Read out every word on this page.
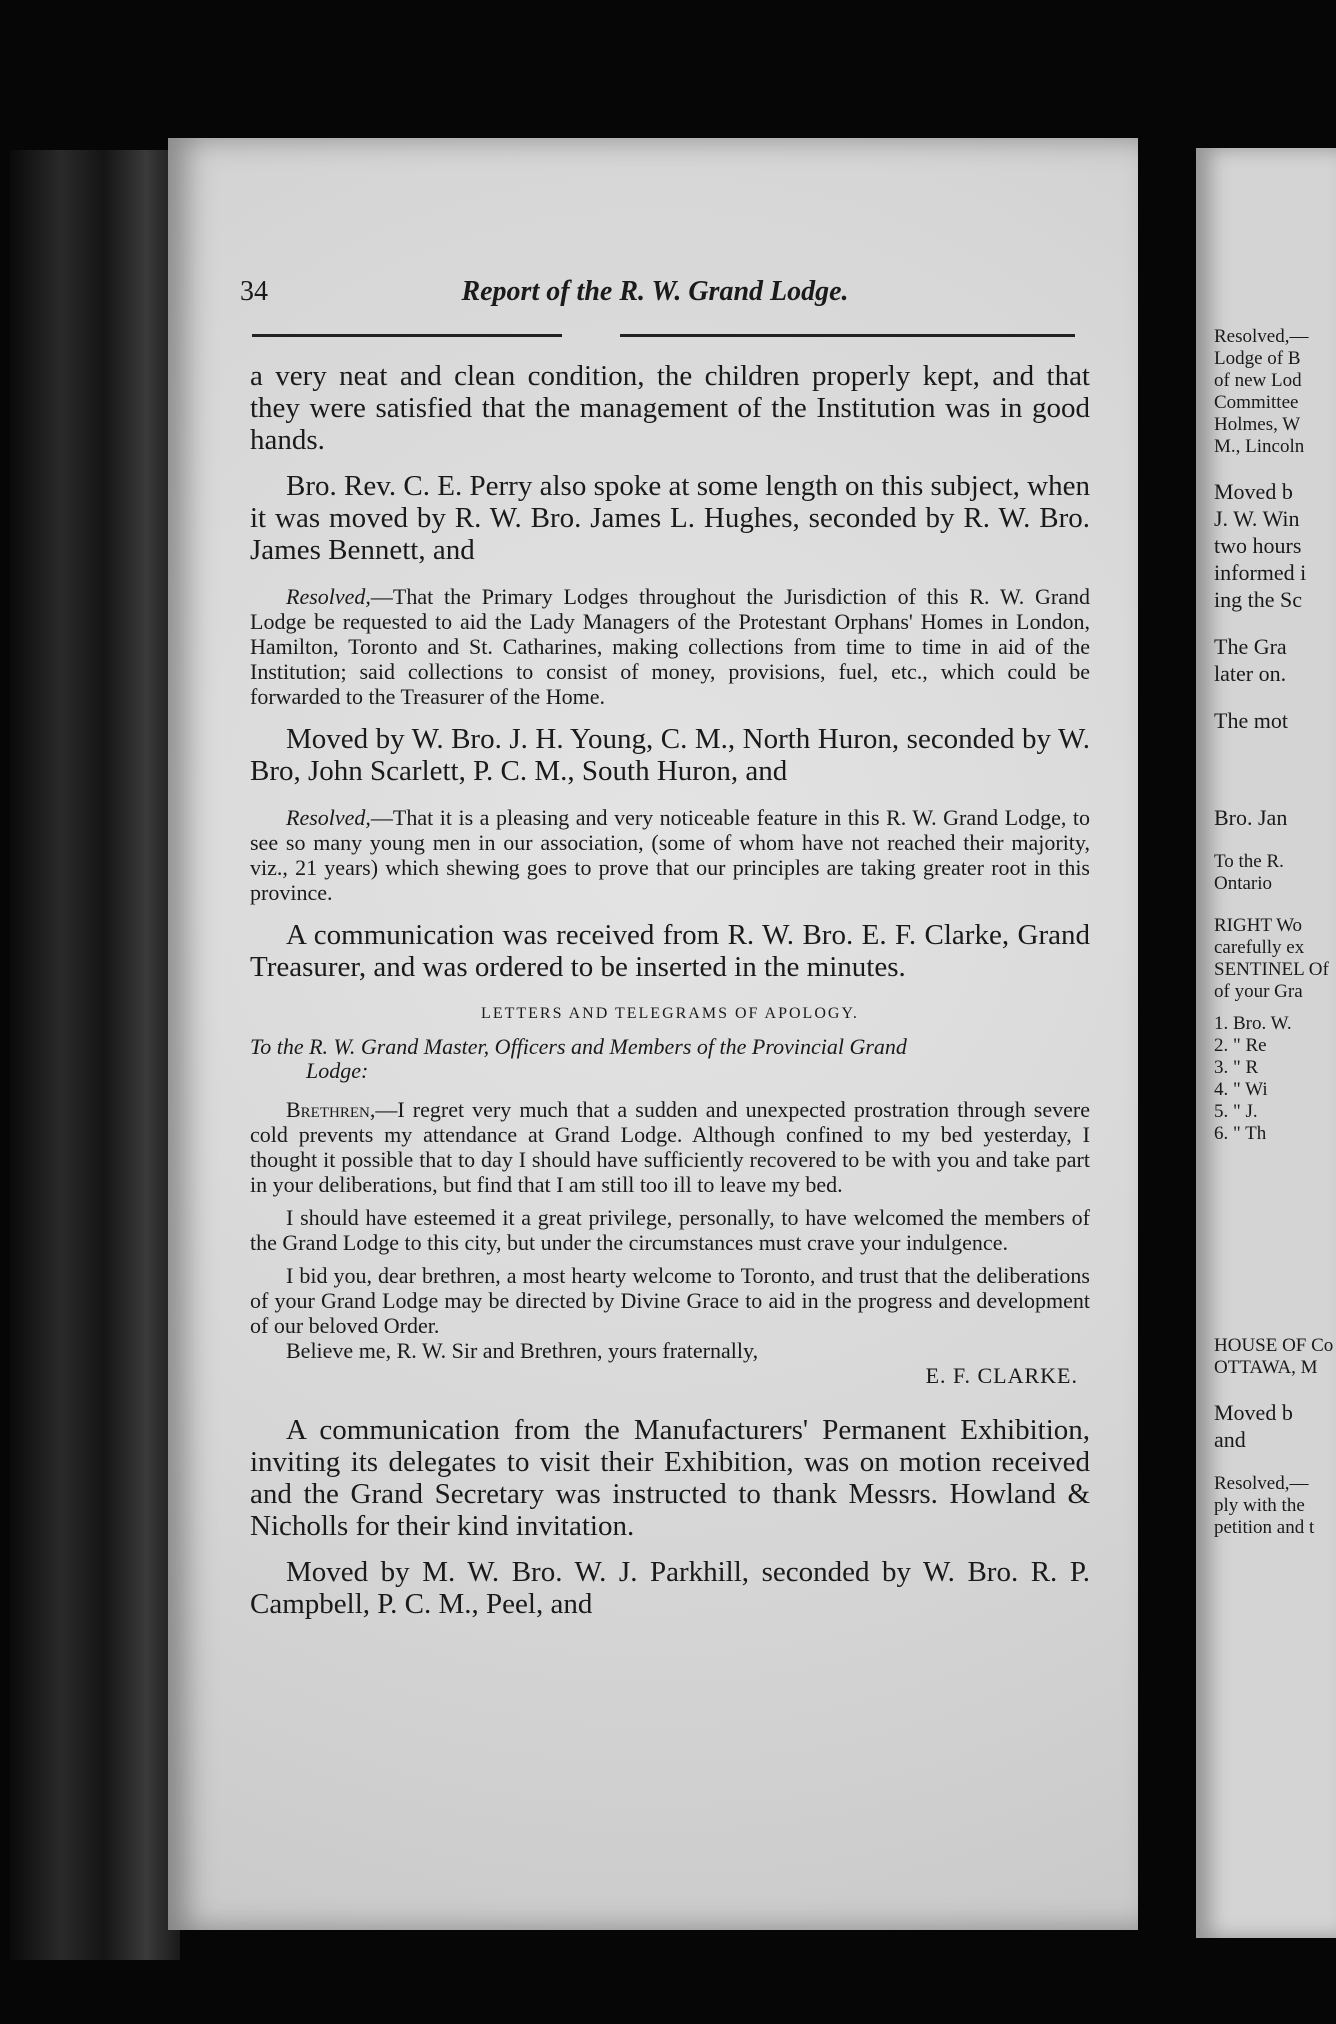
34	Report of the R. W. Grand Lodge.

a very neat and clean condition, the children properly kept, and that they were satisfied that the management of the Institution was in good hands.

Bro. Rev. C. E. Perry also spoke at some length on this subject, when it was moved by R. W. Bro. James L. Hughes, seconded by R. W. Bro. James Bennett, and

Resolved,—That the Primary Lodges throughout the Jurisdiction of this R. W. Grand Lodge be requested to aid the Lady Managers of the Protestant Orphans' Homes in London, Hamilton, Toronto and St. Catharines, making collections from time to time in aid of the Institution; said collections to consist of money, provisions, fuel, etc., which could be forwarded to the Treasurer of the Home.

Moved by W. Bro. J. H. Young, C. M., North Huron, seconded by W. Bro, John Scarlett, P. C. M., South Huron, and

Resolved,—That it is a pleasing and very noticeable feature in this R. W. Grand Lodge, to see so many young men in our association, (some of whom have not reached their majority, viz., 21 years) which shewing goes to prove that our principles are taking greater root in this province.

A communication was received from R. W. Bro. E. F. Clarke, Grand Treasurer, and was ordered to be inserted in the minutes.

LETTERS AND TELEGRAMS OF APOLOGY.

To the R. W. Grand Master, Officers and Members of the Provincial Grand
Lodge:

Brethren,—I regret very much that a sudden and unexpected prostration through severe cold prevents my attendance at Grand Lodge. Although confined to my bed yesterday, I thought it possible that to day I should have sufficiently recovered to be with you and take part in your deliberations, but find that I am still too ill to leave my bed.

I should have esteemed it a great privilege, personally, to have welcomed the members of the Grand Lodge to this city, but under the circumstances must crave your indulgence.

I bid you, dear brethren, a most hearty welcome to Toronto, and trust that the deliberations of your Grand Lodge may be directed by Divine Grace to aid in the progress and development of our beloved Order.

Believe me, R. W. Sir and Brethren, yours fraternally,

E. F. CLARKE.

A communication from the Manufacturers' Permanent Exhibition, inviting its delegates to visit their Exhibition, was on motion received and the Grand Secretary was instructed to thank Messrs. Howland & Nicholls for their kind invitation.

Moved by M. W. Bro. W. J. Parkhill, seconded by W. Bro. R. P. Campbell, P. C. M., Peel, and

Resolved,—
Lodge of B
of new Lod
Committee
Holmes, W
M., Lincoln
Moved b
J. W. Win
two hours
informed i
ing the Sc
The Gra
later on.
The mot
Bro. Jan
To the R.
Ontario
RIGHT Wo
carefully ex
SENTINEL Of
of your Gra
1. Bro. W.
2. " Re
3. " R
4. " Wi
5. " J.
6. " Th
HOUSE OF Co
OTTAWA, M
Moved b
and
Resolved,—
ply with the
petition and t
